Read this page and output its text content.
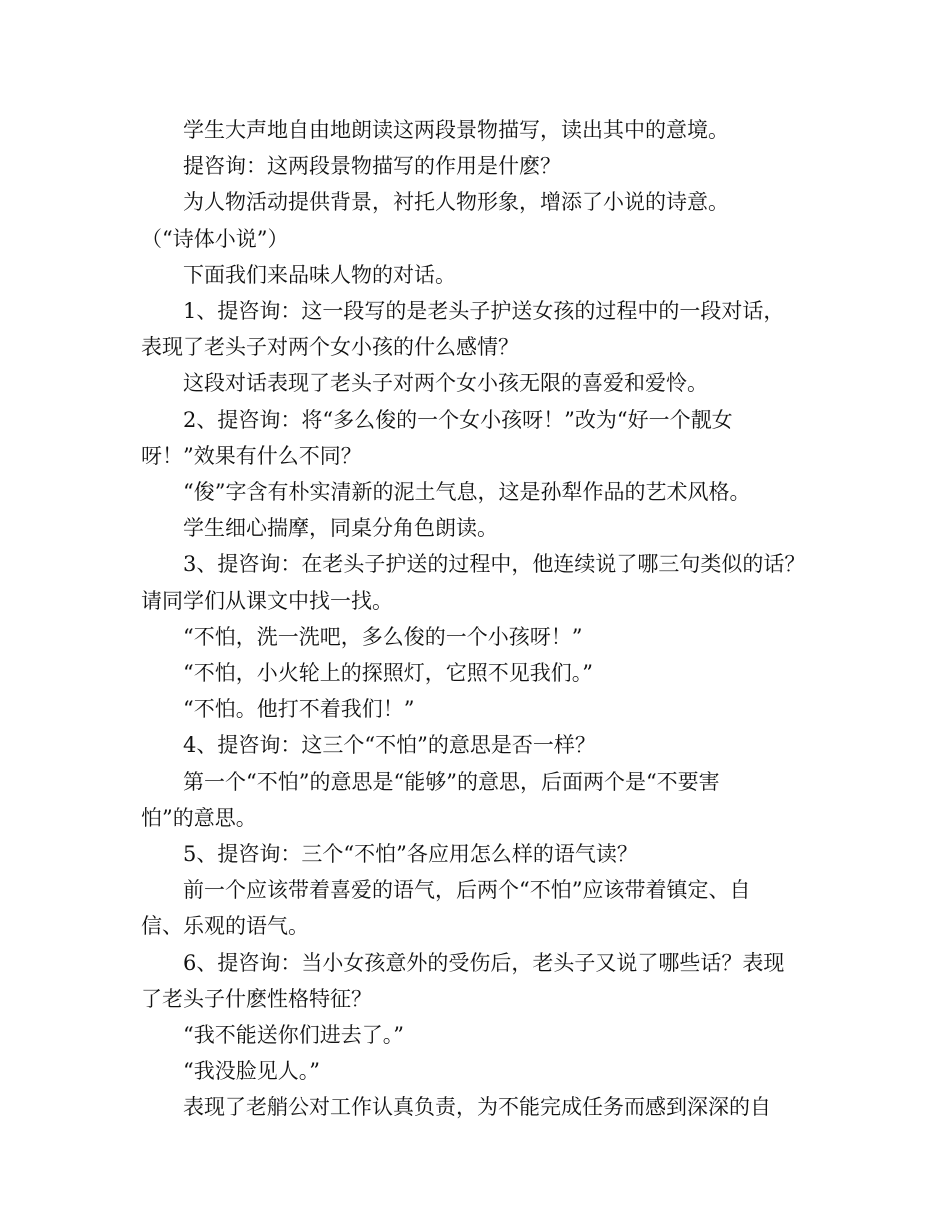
学生大声地自由地朗读这两段景物描写，读出其中的意境。

提咨询：这两段景物描写的作用是什麽？

为人物活动提供背景，衬托人物形象，增添了小说的诗意。
（“诗体小说”）

下面我们来品味人物的对话。

1、提咨询：这一段写的是老头子护送女孩的过程中的一段对话，
表现了老头子对两个女小孩的什么感情？

这段对话表现了老头子对两个女小孩无限的喜爱和爱怜。

2、提咨询：将“多么俊的一个女小孩呀！”改为“好一个靓女
呀！”效果有什么不同？

“俊”字含有朴实清新的泥土气息，这是孙犁作品的艺术风格。

学生细心揣摩，同桌分角色朗读。

3、提咨询：在老头子护送的过程中，他连续说了哪三句类似的话？
请同学们从课文中找一找。

“不怕，洗一洗吧，多么俊的一个小孩呀！”

“不怕，小火轮上的探照灯，它照不见我们。”

“不怕。他打不着我们！”

4、提咨询：这三个“不怕”的意思是否一样？

第一个“不怕”的意思是“能够”的意思，后面两个是“不要害
怕”的意思。

5、提咨询：三个“不怕”各应用怎么样的语气读？

前一个应该带着喜爱的语气，后两个“不怕”应该带着镇定、自
信、乐观的语气。

6、提咨询：当小女孩意外的受伤后，老头子又说了哪些话？表现
了老头子什麽性格特征？

“我不能送你们进去了。”

“我没脸见人。”

表现了老艄公对工作认真负责，为不能完成任务而感到深深的自
